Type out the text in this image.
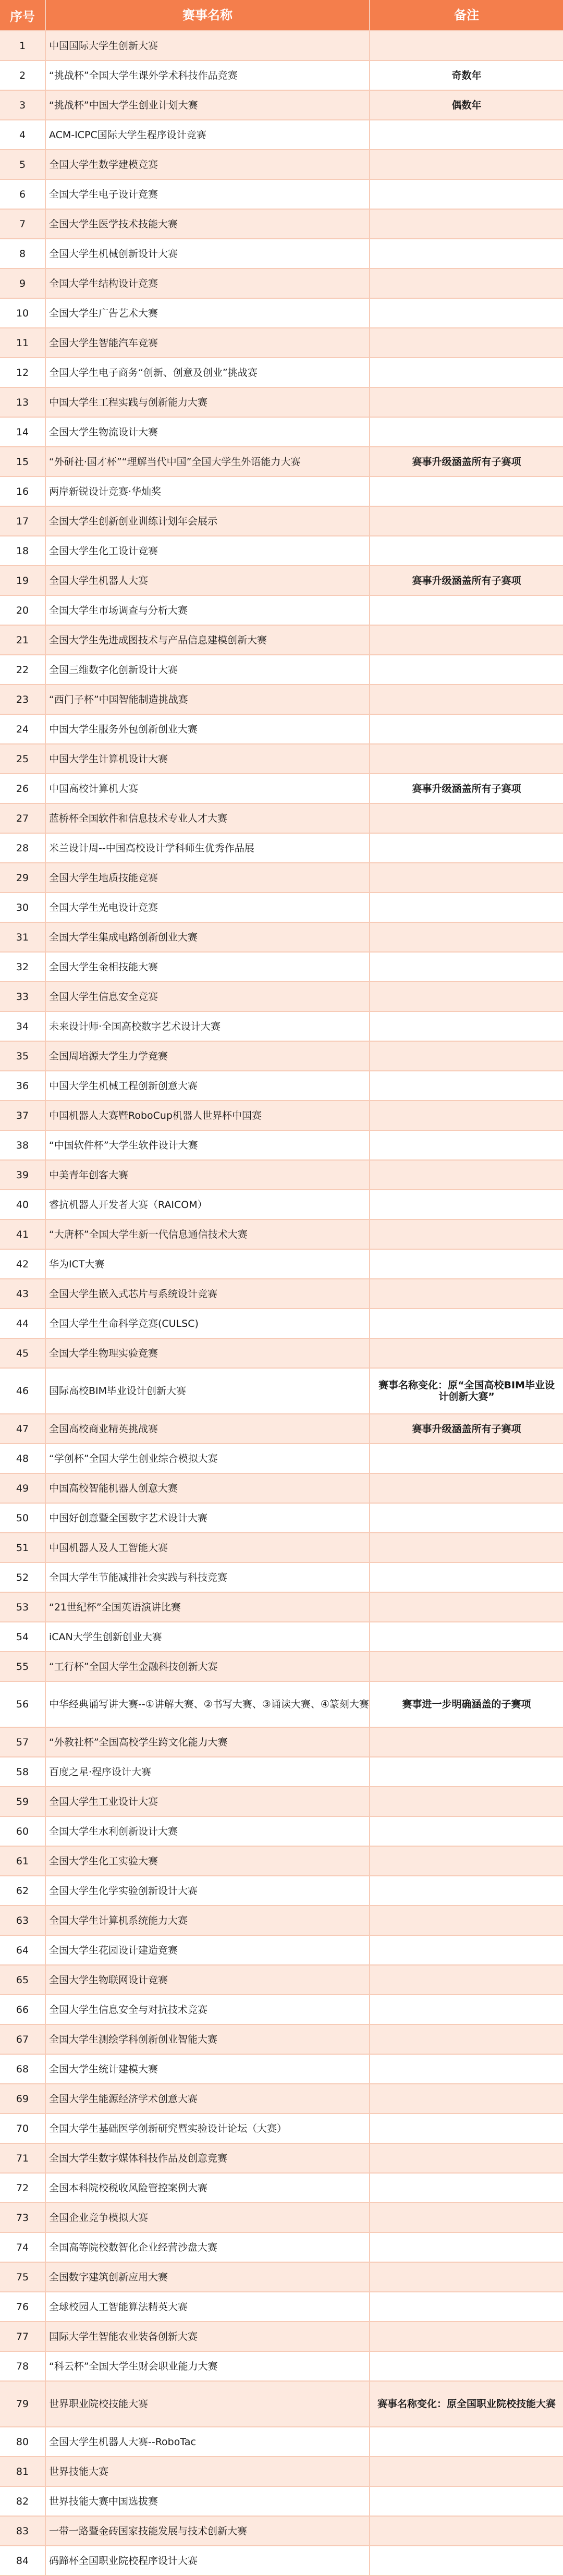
序号	赛事名称	备注
1	中国国际大学生创新大赛
2	“挑战杯”全国大学生课外学术科技作品竞赛	奇数年
3	“挑战杯”中国大学生创业计划大赛	偶数年
4	ACM-ICPC国际大学生程序设计竞赛
5	全国大学生数学建模竞赛
6	全国大学生电子设计竞赛
7	全国大学生医学技术技能大赛
8	全国大学生机械创新设计大赛
9	全国大学生结构设计竞赛
10	全国大学生广告艺术大赛
11	全国大学生智能汽车竞赛
12	全国大学生电子商务“创新、创意及创业”挑战赛
13	中国大学生工程实践与创新能力大赛
14	全国大学生物流设计大赛
15	“外研社·国才杯”“理解当代中国”全国大学生外语能力大赛	赛事升级涵盖所有子赛项
16	两岸新锐设计竞赛·华灿奖
17	全国大学生创新创业训练计划年会展示
18	全国大学生化工设计竞赛
19	全国大学生机器人大赛	赛事升级涵盖所有子赛项
20	全国大学生市场调查与分析大赛
21	全国大学生先进成图技术与产品信息建模创新大赛
22	全国三维数字化创新设计大赛
23	“西门子杯”中国智能制造挑战赛
24	中国大学生服务外包创新创业大赛
25	中国大学生计算机设计大赛
26	中国高校计算机大赛	赛事升级涵盖所有子赛项
27	蓝桥杯全国软件和信息技术专业人才大赛
28	米兰设计周--中国高校设计学科师生优秀作品展
29	全国大学生地质技能竞赛
30	全国大学生光电设计竞赛
31	全国大学生集成电路创新创业大赛
32	全国大学生金相技能大赛
33	全国大学生信息安全竞赛
34	未来设计师·全国高校数字艺术设计大赛
35	全国周培源大学生力学竞赛
36	中国大学生机械工程创新创意大赛
37	中国机器人大赛暨RoboCup机器人世界杯中国赛
38	“中国软件杯”大学生软件设计大赛
39	中美青年创客大赛
40	睿抗机器人开发者大赛（RAICOM）
41	“大唐杯”全国大学生新一代信息通信技术大赛
42	华为ICT大赛
43	全国大学生嵌入式芯片与系统设计竞赛
44	全国大学生生命科学竞赛(CULSC)
45	全国大学生物理实验竞赛
46	国际高校BIM毕业设计创新大赛	赛事名称变化：原“全国高校BIM毕业设计创新大赛”
47	全国高校商业精英挑战赛	赛事升级涵盖所有子赛项
48	“学创杯”全国大学生创业综合模拟大赛
49	中国高校智能机器人创意大赛
50	中国好创意暨全国数字艺术设计大赛
51	中国机器人及人工智能大赛
52	全国大学生节能减排社会实践与科技竞赛
53	“21世纪杯”全国英语演讲比赛
54	iCAN大学生创新创业大赛
55	“工行杯”全国大学生金融科技创新大赛
56	中华经典诵写讲大赛--①讲解大赛、②书写大赛、③诵读大赛、④篆刻大赛	赛事进一步明确涵盖的子赛项
57	“外教社杯”全国高校学生跨文化能力大赛
58	百度之星·程序设计大赛
59	全国大学生工业设计大赛
60	全国大学生水利创新设计大赛
61	全国大学生化工实验大赛
62	全国大学生化学实验创新设计大赛
63	全国大学生计算机系统能力大赛
64	全国大学生花园设计建造竞赛
65	全国大学生物联网设计竞赛
66	全国大学生信息安全与对抗技术竞赛
67	全国大学生测绘学科创新创业智能大赛
68	全国大学生统计建模大赛
69	全国大学生能源经济学术创意大赛
70	全国大学生基础医学创新研究暨实验设计论坛（大赛）
71	全国大学生数字媒体科技作品及创意竞赛
72	全国本科院校税收风险管控案例大赛
73	全国企业竞争模拟大赛
74	全国高等院校数智化企业经营沙盘大赛
75	全国数字建筑创新应用大赛
76	全球校园人工智能算法精英大赛
77	国际大学生智能农业装备创新大赛
78	“科云杯”全国大学生财会职业能力大赛
79	世界职业院校技能大赛	赛事名称变化：原全国职业院校技能大赛
80	全国大学生机器人大赛--RoboTac
81	世界技能大赛
82	世界技能大赛中国选拔赛
83	一带一路暨金砖国家技能发展与技术创新大赛
84	码蹄杯全国职业院校程序设计大赛
